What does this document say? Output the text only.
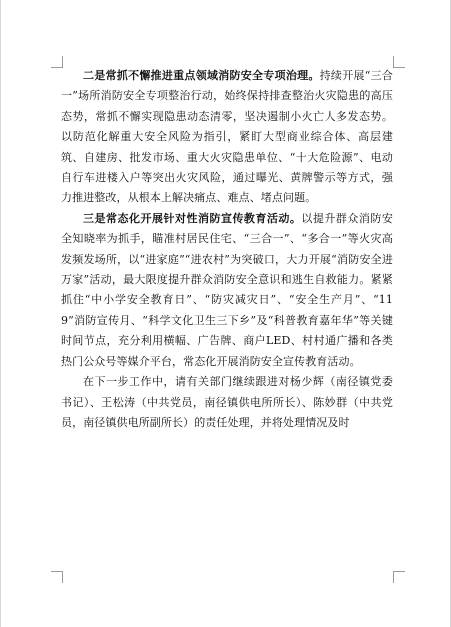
二是常抓不懈推进重点领域消防安全专项治理。持续开展“三合一”场所消防安全专项整治行动，始终保持排查整治火灾隐患的高压态势，常抓不懈实现隐患动态清零，坚决遏制小火亡人多发态势。以防范化解重大安全风险为指引，紧盯大型商业综合体、高层建筑、自建房、批发市场、重大火灾隐患单位、“十大危险源”、电动自行车进楼入户等突出火灾风险，通过曝光、黄牌警示等方式，强力推进整改，从根本上解决痛点、难点、堵点问题。

三是常态化开展针对性消防宣传教育活动。以提升群众消防安全知晓率为抓手，瞄准村居民住宅、“三合一”、“多合一”等火灾高发频发场所，以“进家庭”“进农村”为突破口，大力开展“消防安全进万家”活动，最大限度提升群众消防安全意识和逃生自救能力。紧紧抓住“中小学安全教育日”、“防灾减灾日”、“安全生产月”、“119”消防宣传月、“科学文化卫生三下乡”及“科普教育嘉年华”等关键时间节点，充分利用横幅、广告牌、商户LED、村村通广播和各类热门公众号等媒介平台，常态化开展消防安全宣传教育活动。

在下一步工作中，请有关部门继续跟进对杨少辉（南径镇党委书记）、王松涛（中共党员，南径镇供电所所长）、陈妙群（中共党员，南径镇供电所副所长）的责任处理，并将处理情况及时
